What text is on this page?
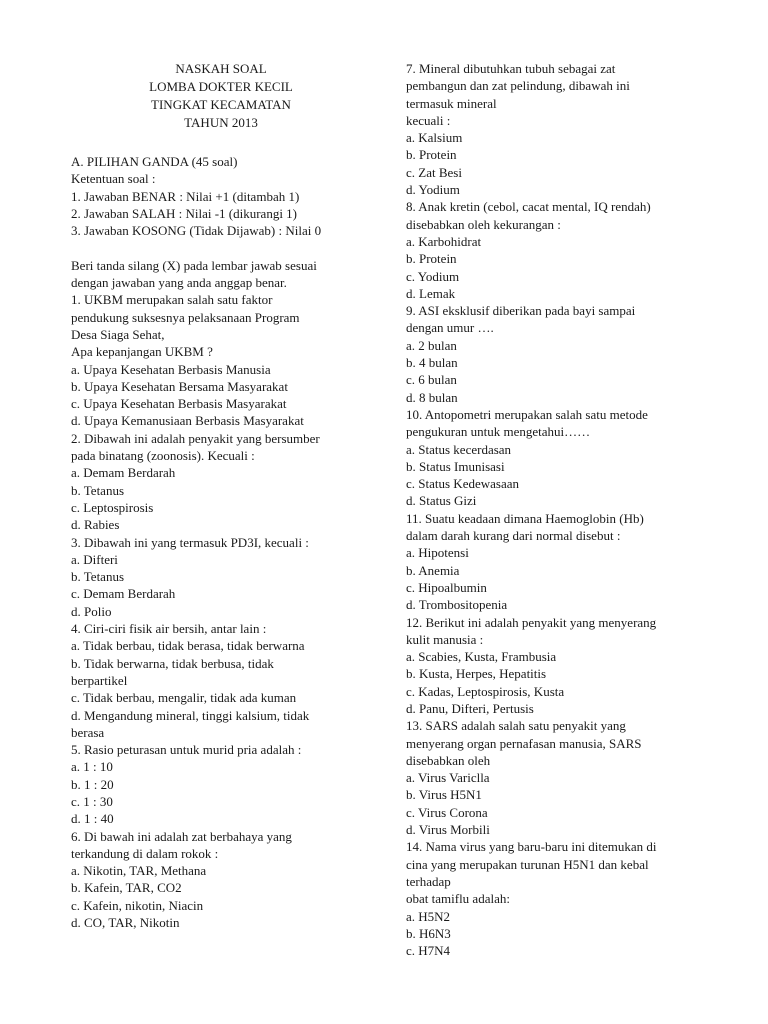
NASKAH SOAL
LOMBA DOKTER KECIL
TINGKAT KECAMATAN
TAHUN 2013
A. PILIHAN GANDA (45 soal)
Ketentuan soal :
1. Jawaban BENAR : Nilai +1 (ditambah 1)
2. Jawaban SALAH : Nilai -1 (dikurangi 1)
3. Jawaban KOSONG (Tidak Dijawab) : Nilai 0
Beri tanda silang (X) pada lembar jawab sesuai
dengan jawaban yang anda anggap benar.
1. UKBM merupakan salah satu faktor
pendukung suksesnya pelaksanaan Program
Desa Siaga Sehat,
Apa kepanjangan UKBM ?
a. Upaya Kesehatan Berbasis Manusia
b. Upaya Kesehatan Bersama Masyarakat
c. Upaya Kesehatan Berbasis Masyarakat
d. Upaya Kemanusiaan Berbasis Masyarakat
2. Dibawah ini adalah penyakit yang bersumber
pada binatang (zoonosis). Kecuali :
a. Demam Berdarah
b. Tetanus
c. Leptospirosis
d. Rabies
3. Dibawah ini yang termasuk PD3I, kecuali :
a. Difteri
b. Tetanus
c. Demam Berdarah
d. Polio
4. Ciri-ciri fisik air bersih, antar lain :
a. Tidak berbau, tidak berasa, tidak berwarna
b. Tidak berwarna, tidak berbusa, tidak
berpartikel
c. Tidak berbau, mengalir, tidak ada kuman
d. Mengandung mineral, tinggi kalsium, tidak
berasa
5. Rasio peturasan untuk murid pria adalah :
a. 1 : 10
b. 1 : 20
c. 1 : 30
d. 1 : 40
6. Di bawah ini adalah zat berbahaya yang
terkandung di dalam rokok :
a. Nikotin, TAR, Methana
b. Kafein, TAR, CO2
c. Kafein, nikotin, Niacin
d. CO, TAR, Nikotin
7. Mineral dibutuhkan tubuh sebagai zat
pembangun dan zat pelindung, dibawah ini
termasuk mineral
kecuali :
a. Kalsium
b. Protein
c. Zat Besi
d. Yodium
8. Anak kretin (cebol, cacat mental, IQ rendah)
disebabkan oleh kekurangan :
a. Karbohidrat
b. Protein
c. Yodium
d. Lemak
9. ASI eksklusif diberikan pada bayi sampai
dengan umur ….
a. 2 bulan
b. 4 bulan
c. 6 bulan
d. 8 bulan
10. Antopometri merupakan salah satu metode
pengukuran untuk mengetahui……
a. Status kecerdasan
b. Status Imunisasi
c. Status Kedewasaan
d. Status Gizi
11. Suatu keadaan dimana Haemoglobin (Hb)
dalam darah kurang dari normal disebut :
a. Hipotensi
b. Anemia
c. Hipoalbumin
d. Trombositopenia
12. Berikut ini adalah penyakit yang menyerang
kulit manusia :
a. Scabies, Kusta, Frambusia
b. Kusta, Herpes, Hepatitis
c. Kadas, Leptospirosis, Kusta
d. Panu, Difteri, Pertusis
13. SARS adalah salah satu penyakit yang
menyerang organ pernafasan manusia, SARS
disebabkan oleh
a. Virus Variclla
b. Virus H5N1
c. Virus Corona
d. Virus Morbili
14. Nama virus yang baru-baru ini ditemukan di
cina yang merupakan turunan H5N1 dan kebal
terhadap
obat tamiflu adalah:
a. H5N2
b. H6N3
c. H7N4
